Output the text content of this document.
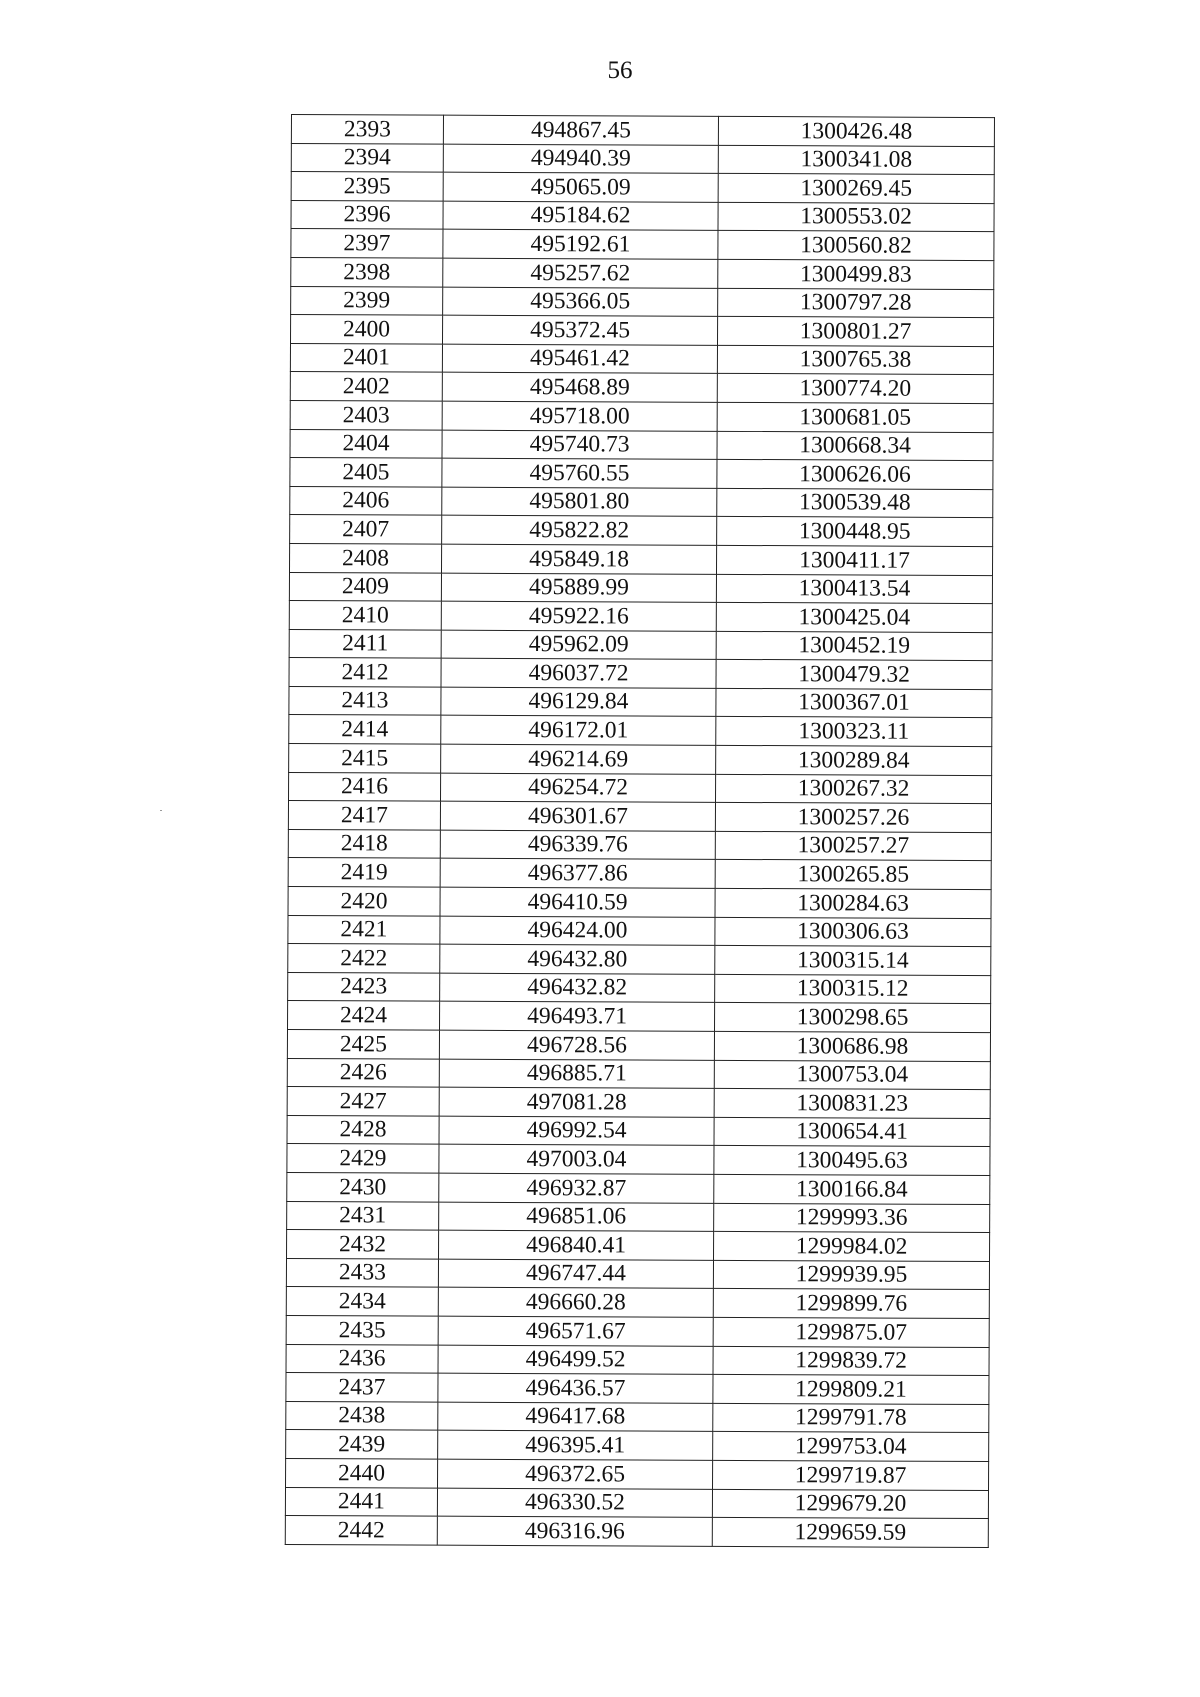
56
2393	494867.45	1300426.48
2394	494940.39	1300341.08
2395	495065.09	1300269.45
2396	495184.62	1300553.02
2397	495192.61	1300560.82
2398	495257.62	1300499.83
2399	495366.05	1300797.28
2400	495372.45	1300801.27
2401	495461.42	1300765.38
2402	495468.89	1300774.20
2403	495718.00	1300681.05
2404	495740.73	1300668.34
2405	495760.55	1300626.06
2406	495801.80	1300539.48
2407	495822.82	1300448.95
2408	495849.18	1300411.17
2409	495889.99	1300413.54
2410	495922.16	1300425.04
2411	495962.09	1300452.19
2412	496037.72	1300479.32
2413	496129.84	1300367.01
2414	496172.01	1300323.11
2415	496214.69	1300289.84
2416	496254.72	1300267.32
2417	496301.67	1300257.26
2418	496339.76	1300257.27
2419	496377.86	1300265.85
2420	496410.59	1300284.63
2421	496424.00	1300306.63
2422	496432.80	1300315.14
2423	496432.82	1300315.12
2424	496493.71	1300298.65
2425	496728.56	1300686.98
2426	496885.71	1300753.04
2427	497081.28	1300831.23
2428	496992.54	1300654.41
2429	497003.04	1300495.63
2430	496932.87	1300166.84
2431	496851.06	1299993.36
2432	496840.41	1299984.02
2433	496747.44	1299939.95
2434	496660.28	1299899.76
2435	496571.67	1299875.07
2436	496499.52	1299839.72
2437	496436.57	1299809.21
2438	496417.68	1299791.78
2439	496395.41	1299753.04
2440	496372.65	1299719.87
2441	496330.52	1299679.20
2442	496316.96	1299659.59
